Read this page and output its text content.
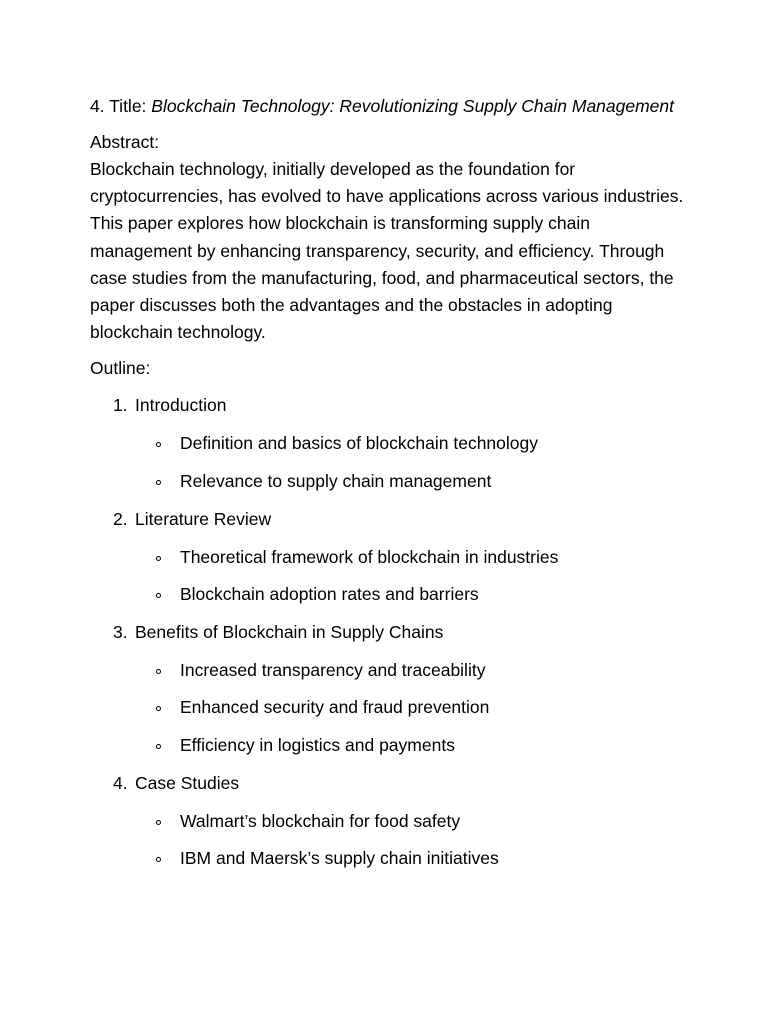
4. Title: Blockchain Technology: Revolutionizing Supply Chain Management

Abstract:

Blockchain technology, initially developed as the foundation for cryptocurrencies, has evolved to have applications across various industries. This paper explores how blockchain is transforming supply chain management by enhancing transparency, security, and efficiency. Through case studies from the manufacturing, food, and pharmaceutical sectors, the paper discusses both the advantages and the obstacles in adopting blockchain technology.

Outline:

1. Introduction
Definition and basics of blockchain technology
Relevance to supply chain management
2. Literature Review
Theoretical framework of blockchain in industries
Blockchain adoption rates and barriers
3. Benefits of Blockchain in Supply Chains
Increased transparency and traceability
Enhanced security and fraud prevention
Efficiency in logistics and payments
4. Case Studies
Walmart’s blockchain for food safety
IBM and Maersk’s supply chain initiatives
